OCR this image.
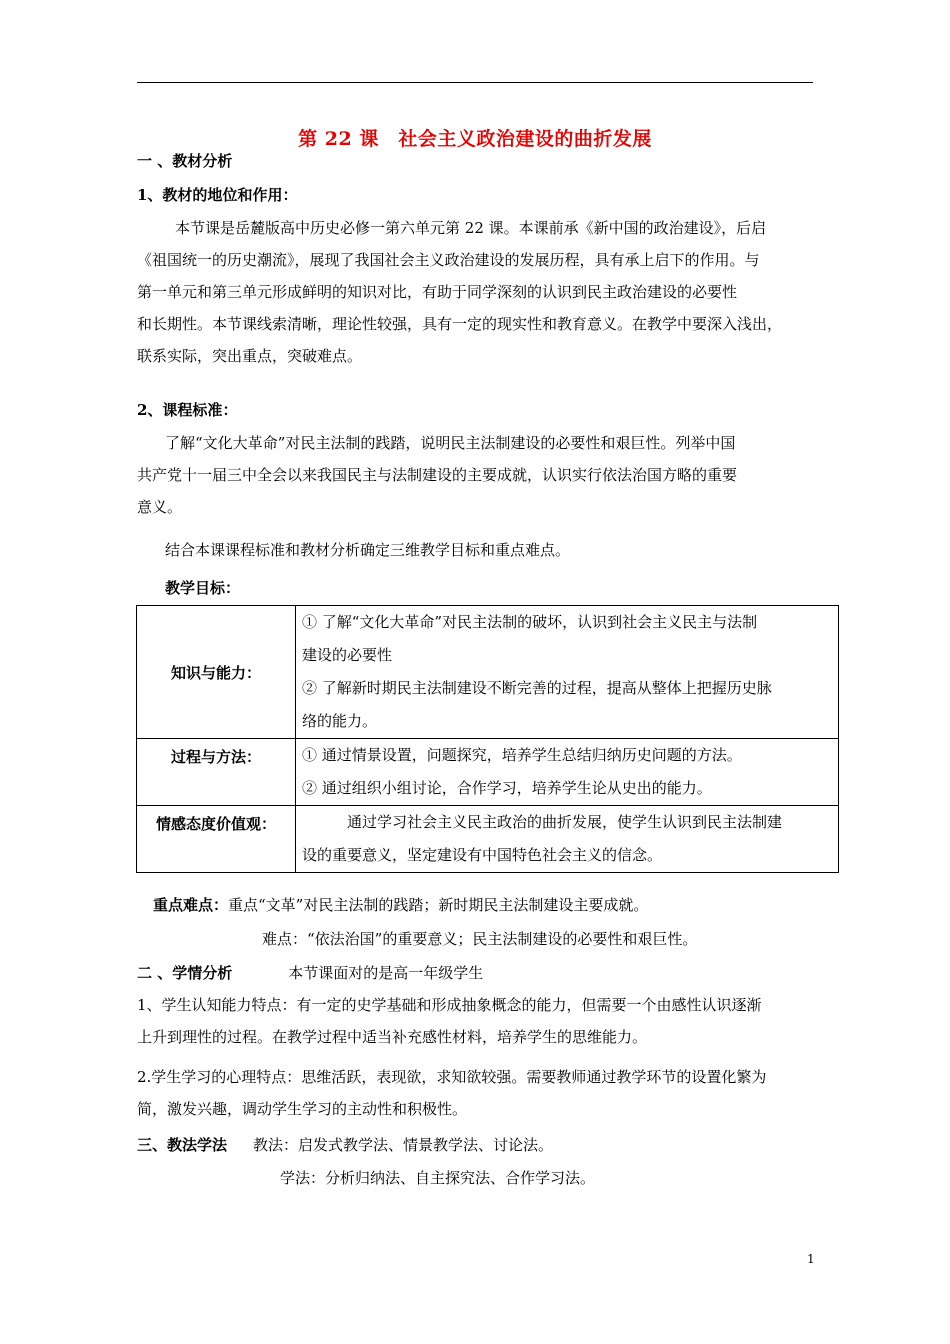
第 22 课　社会主义政治建设的曲折发展
一 、教材分析
1、教材的地位和作用：

本节课是岳麓版高中历史必修一第六单元第 22 课。本课前承《新中国的政治建设》，后启

《祖国统一的历史潮流》，展现了我国社会主义政治建设的发展历程，具有承上启下的作用。与

第一单元和第三单元形成鲜明的知识对比，有助于同学深刻的认识到民主政治建设的必要性

和长期性。本节课线索清晰，理论性较强，具有一定的现实性和教育意义。在教学中要深入浅出，

联系实际，突出重点，突破难点。

2、课程标准：

了解“文化大革命”对民主法制的践踏，说明民主法制建设的必要性和艰巨性。列举中国

共产党十一届三中全会以来我国民主与法制建设的主要成就，认识实行依法治国方略的重要

意义。

结合本课课程标准和教材分析确定三维教学目标和重点难点。
教学目标：
知识与能力：	① 了解“文化大革命”对民主法制的破坏，认识到社会主义民主与法制
建设的必要性
② 了解新时期民主法制建设不断完善的过程，提高从整体上把握历史脉
络的能力。

过程与方法：	① 通过情景设置，问题探究，培养学生总结归纳历史问题的方法。
② 通过组织小组讨论，合作学习，培养学生论从史出的能力。

情感态度价值观：	　　　通过学习社会主义民主政治的曲折发展，使学生认识到民主法制建
设的重要意义，坚定建设有中国特色社会主义的信念。
重点难点：重点“文革”对民主法制的践踏；新时期民主法制建设主要成就。
难点：“依法治国”的重要意义；民主法制建设的必要性和艰巨性。
二 、学情分析	本节课面对的是高一年级学生

1、学生认知能力特点：有一定的史学基础和形成抽象概念的能力，但需要一个由感性认识逐渐

上升到理性的过程。在教学过程中适当补充感性材料，培养学生的思维能力。

2.学生学习的心理特点：思维活跃，表现欲，求知欲较强。需要教师通过教学环节的设置化繁为

简，激发兴趣，调动学生学习的主动性和积极性。

三、教法学法 教法：启发式教学法、情景教学法、讨论法。
学法：分析归纳法、自主探究法、合作学习法。
1
